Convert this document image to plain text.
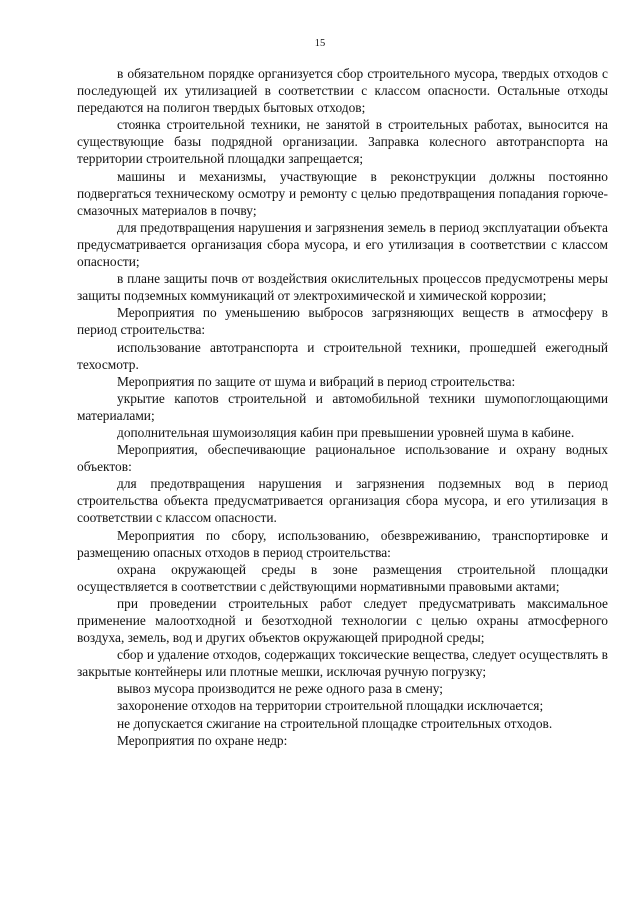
15

в обязательном порядке организуется сбор строительного мусора, твердых отходов с последующей их утилизацией в соответствии с классом опасности. Остальные отходы передаются на полигон твердых бытовых отходов;

стоянка строительной техники, не занятой в строительных работах, выносится на существующие базы подрядной организации. Заправка колесного автотранспорта на территории строительной площадки запрещается;

машины и механизмы, участвующие в реконструкции должны постоянно подвергаться техническому осмотру и ремонту с целью предотвращения попадания горюче-смазочных материалов в почву;

для предотвращения нарушения и загрязнения земель в период эксплуатации объекта предусматривается организация сбора мусора, и его утилизация в соответствии с классом опасности;

в плане защиты почв от воздействия окислительных процессов предусмотрены меры защиты подземных коммуникаций от электрохимической и химической коррозии;

Мероприятия по уменьшению выбросов загрязняющих веществ в атмосферу в период строительства:

использование автотранспорта и строительной техники, прошедшей ежегодный техосмотр.

Мероприятия по защите от шума и вибраций в период строительства:

укрытие капотов строительной и автомобильной техники шумопоглощающими материалами;

дополнительная шумоизоляция кабин при превышении уровней шума в кабине.

Мероприятия, обеспечивающие рациональное использование и охрану водных объектов:

для предотвращения нарушения и загрязнения подземных вод в период строительства объекта предусматривается организация сбора мусора, и его утилизация в соответствии с классом опасности.

Мероприятия по сбору, использованию, обезвреживанию, транспортировке и размещению опасных отходов в период строительства:

охрана окружающей среды в зоне размещения строительной площадки осуществляется в соответствии с действующими нормативными правовыми актами;

при проведении строительных работ следует предусматривать максимальное применение малоотходной и безотходной технологии с целью охраны атмосферного воздуха, земель, вод и других объектов окружающей природной среды;

сбор и удаление отходов, содержащих токсические вещества, следует осуществлять в закрытые контейнеры или плотные мешки, исключая ручную погрузку;

вывоз мусора производится не реже одного раза в смену;

захоронение отходов на территории строительной площадки исключается;

не допускается сжигание на строительной площадке строительных отходов.

Мероприятия по охране недр:
